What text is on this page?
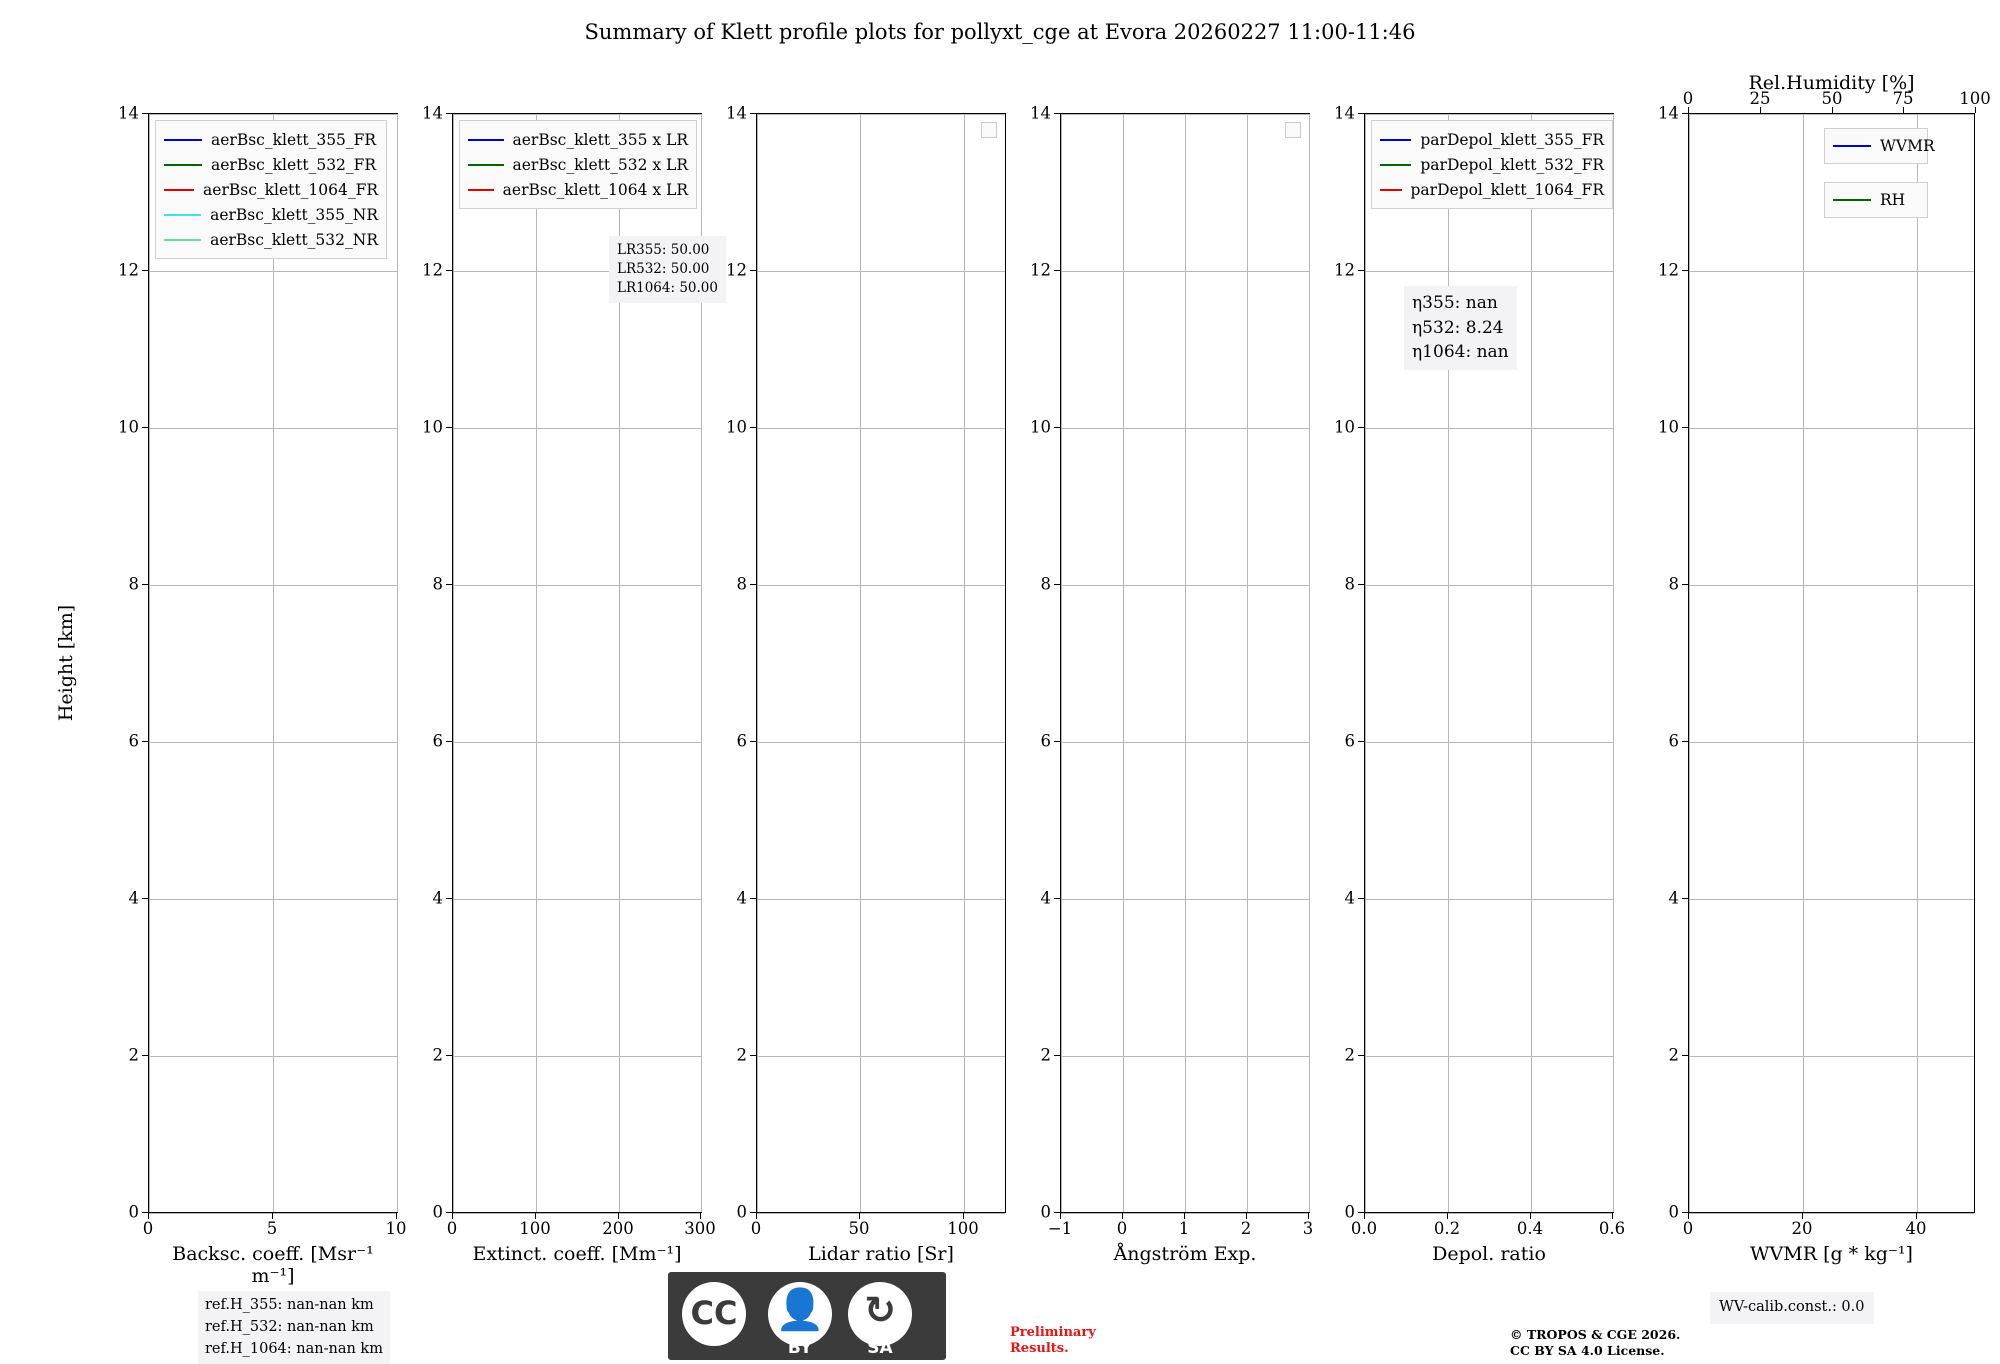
Summary of Klett profile plots for pollyxt_cge at Evora 20260227 11:00-11:46
Height [km]
aerBsc_klett_355_FR
aerBsc_klett_532_FR
aerBsc_klett_1064_FR
aerBsc_klett_355_NR
aerBsc_klett_532_NR
0
2
4
6
8
10
12
14
0	5	10
Backsc. coeff. [Msr⁻¹ m⁻¹]
aerBsc_klett_355 x LR
aerBsc_klett_532 x LR
aerBsc_klett_1064 x LR
LR355: 50.00
LR532: 50.00
LR1064: 50.00
0
2
4
6
8
10
12
14
0	100	200	300
Extinct. coeff. [Mm⁻¹]
0
2
4
6
8
10
12
14
0	50	100
Lidar ratio [Sr]
0
2
4
6
8
10
12
14
−1	0	1	2	3
Ångström Exp.
parDepol_klett_355_FR
parDepol_klett_532_FR
parDepol_klett_1064_FR
η355: nan
η532: 8.24
η1064: nan
0
2
4
6
8
10
12
14
0.0	0.2	0.4	0.6
Depol. ratio
WVMR
RH
0
2
4
6
8
10
12
14
0	20	40
WVMR [g * kg⁻¹]
Rel.Humidity [%]
0	25	50	75	100
ref.H_355: nan-nan km
ref.H_532: nan-nan km
ref.H_1064: nan-nan km
WV-calib.const.: 0.0
Preliminary
Results.
© TROPOS & CGE 2026.
CC BY SA 4.0 License.
CC 👤	↻
BY	SA
